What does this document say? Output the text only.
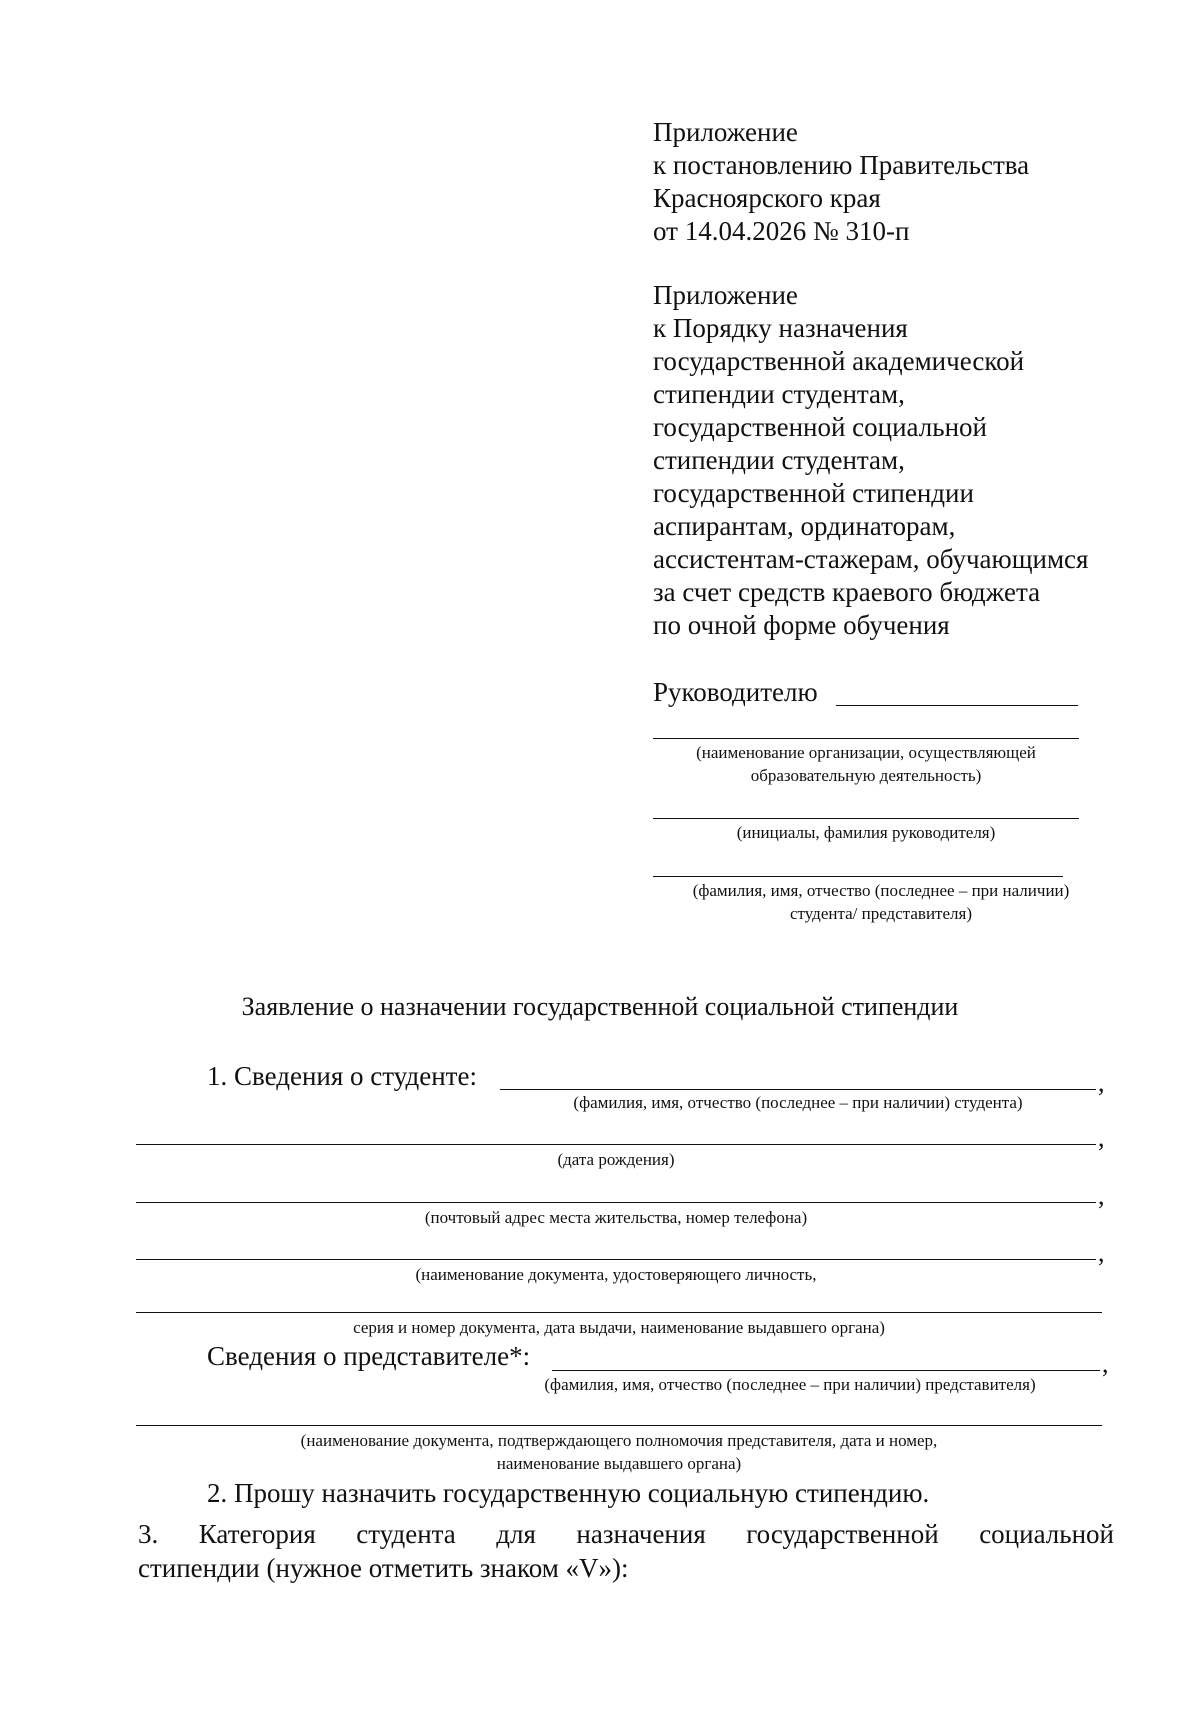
Приложение
к постановлению Правительства
Красноярского края
от 14.04.2026 № 310-п
Приложение
к Порядку назначения
государственной академической
стипендии студентам,
государственной социальной
стипендии студентам,
государственной стипендии
аспирантам, ординаторам,
ассистентам-стажерам, обучающимся
за счет средств краевого бюджета
по очной форме обучения
Руководителю
(наименование организации, осуществляющей
образовательную деятельность)
(инициалы, фамилия руководителя)
(фамилия, имя, отчество (последнее – при наличии)
студента/ представителя)
Заявление о назначении государственной социальной стипендии
1. Сведения о студенте:	,
(фамилия, имя, отчество (последнее – при наличии) студента)
,
(дата рождения)
,
(почтовый адрес места жительства, номер телефона)
,
(наименование документа, удостоверяющего личность,
серия и номер документа, дата выдачи, наименование выдавшего органа)
Сведения о представителе*:	,
(фамилия, имя, отчество (последнее – при наличии) представителя)
(наименование документа, подтверждающего полномочия представителя, дата и номер,
наименование выдавшего органа)
2. Прошу назначить государственную социальную стипендию.
3. Категория студента для назначения государственной социальной
стипендии (нужное отметить знаком «V»):
